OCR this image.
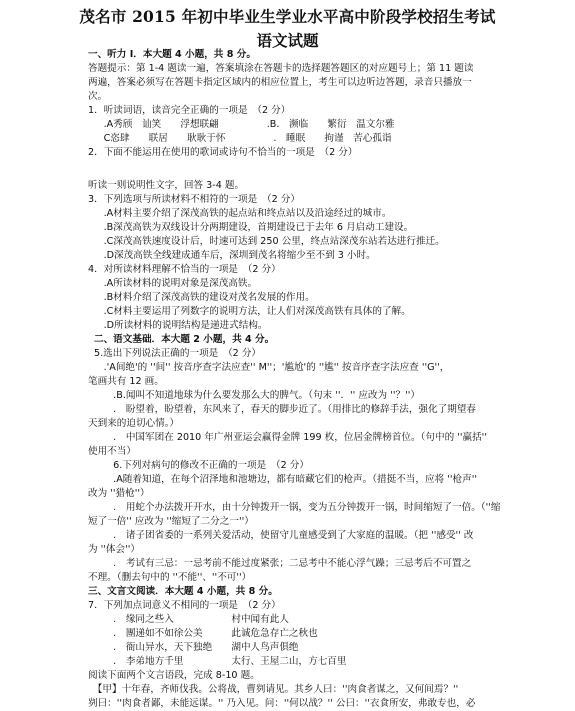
茂名市 2015 年初中毕业生学业水平高中阶段学校招生考试
语文试题
一、听力 I．本大题 4 小题，共 8 分。
答题提示：第 1-4 题读一遍，答案填涂在答题卡的选择题答题区的对应题号上；第 11 题读
两遍，答案必须写在答题卡指定区域内的相应位置上，考生可以边听边答题，录音只播放一
次。
1．听读词语，读音完全正确的一项是　（2 分）
　.A秀颀　讪笑　　浮想联翩　　　　　.B.　濒临　　繁衍　温文尔雅
　C恣肆　　联居　　耿耿于怀　　　　　.　睡眠　　拘谨　苦心孤诣
2．下面不能运用在使用的歌词或诗句不恰当的一项是　（2 分）
听读一则说明性文字，回答 3-4 题。
3．下列选项与所读材料不相符的一项是　（2 分）
　.A材料主要介绍了深茂高铁的起点站和终点站以及沿途经过的城市。
　.B深茂高铁为双线设计分两期建设，首期建设已于去年 6 月启动工建设。
　.C深茂高铁速度设计后，时速可达到 250 公里，终点站深茂东站若达进行推迁。
　.D深茂高铁全线建成通车后，深圳到茂名将缩少至不到 3 小时。
4．对所读材料理解不恰当的一项是　（2 分）
　.A所读材料的说明对象是深茂高铁。
　.B材料介绍了深茂高铁的建设对茂名发展的作用。
　.C材料主要运用了列数字的说明方法，让人们对深茂高铁有具体的了解。
　.D所读材料的说明结构是递进式结构。
二、语文基础．本大题 2 小题，共 4 分。
5.选出下列说法正确的一项是　（2 分）
　.'A间绝'的 ''间'' 按音序查字法应查'' M''；'尴尬'的 ''尴'' 按音序查字法应查 ''G''，
笔画共有 12 画。
　　.B.闻叫不知道地球为什么要发那么大的脾气。（句末 ''．'' 应改为 ''？''）
　　.　盼望着，盼望着，东风来了，春天的脚步近了。（用排比的修辞手法，强化了期望春
天到来的迫切心情。）
　　.　中国军团在 2010 年广州亚运会赢得金牌 199 枚，位居金牌榜首位。（句中的 ''赢括''
使用不当）
　　6.下列对病句的修改不正确的一项是　（2 分）
　　.A随着知道，在每个沼泽地和池塘边，都有暗藏它们的枪声。（措挺不当，应将 ''枪声''
改为 ''猎枪''）
　　.　用蛇个办法拨开开水，由十分钟拨开一锅，变为五分钟拨开一锅，时间缩短了一倍。（''缩
短了一倍'' 应改为 ''缩短了二分之一''）
　　.　诸子团省委的一系列关爱活动，使留守儿童感受到了大家庭的温暖。（把 ''感受'' 改
为 ''体会''）
　　.　考试有三忌：一忌考前不能过度紧张；二忌考中不能心浮气躁；三忌考后不可置之
不理。（删去句中的 ''不能''、''不可''）
三、文言文阅读．本大题 4 小题，共 8 分。
7．下列加点词意义不相同的一项是　（2 分）
　　.　缘同之些入　　　　　　村中闻有此人
　　.　團递如不如徐公美　　　此诚危急存亡之秋也
　　.　衙山异水，天下独绝　　湖中人鸟声俱绝
　　.　李弟地方千里　　　　　太行、王屋二山，方七百里
阅读下面两个文言语段，完成 8-10 题。
　【甲】十年春，齐师伐我。公将战，曹刿请见。其乡人曰：''肉食者谋之，又何间焉？''
刿曰：''肉食者鄙，未能远谋。'' 乃入见。问：''何以战？'' 公曰：''衣食所安，弗敢专也，必
